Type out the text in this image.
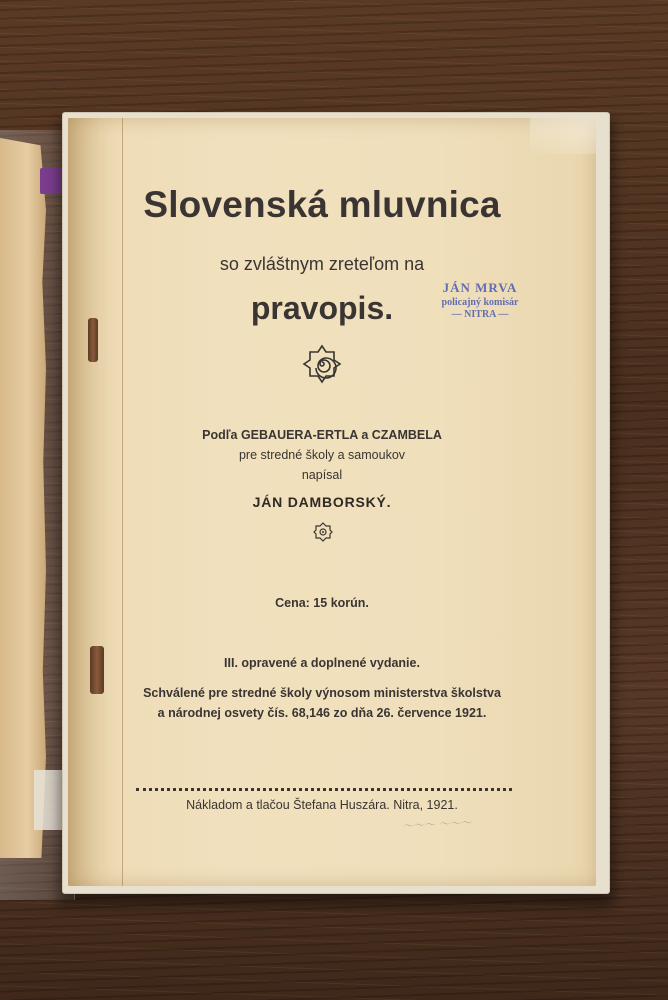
Slovenská mluvnica
so zvláštnym zreteľom na
pravopis.
JÁN MRVA
policajný komisár
— NITRA —
Podľa GEBAUERA-ERTLA a CZAMBELA
pre stredné školy a samoukov
napísal
JÁN DAMBORSKÝ.
Cena: 15 korún.
III. opravené a doplnené vydanie.
Schválené pre stredné školy výnosom ministerstva školstva
a národnej osvety čís. 68,146 zo dňa 26. července 1921.
Nákladom a tlačou Štefana Huszára. Nitra, 1921.
～～～ ～～～
